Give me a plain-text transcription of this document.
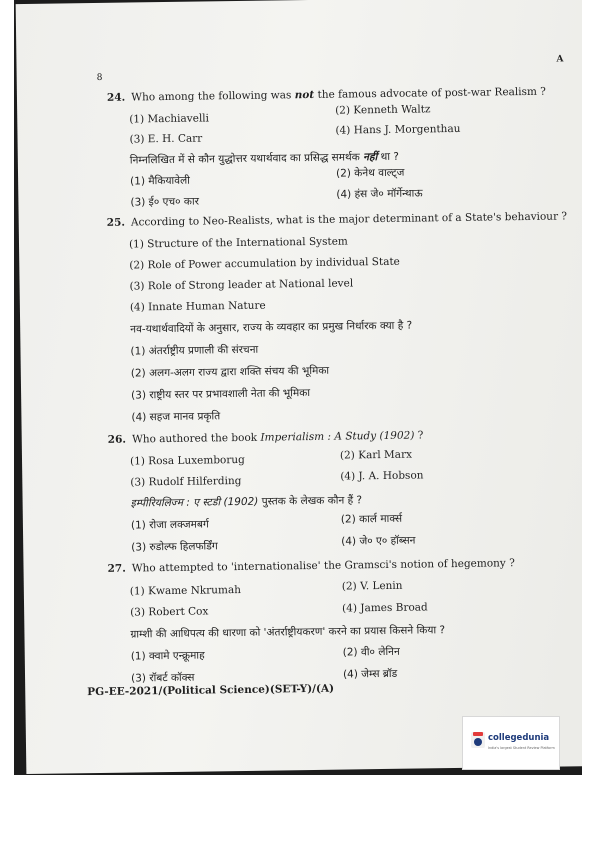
8
A
24. Who among the following was not the famous advocate of post-war Realism ?
(1) Machiavelli
(2) Kenneth Waltz
(3) E. H. Carr
(4) Hans J. Morgenthau
निम्नलिखित में से कौन युद्धोत्तर यथार्थवाद का प्रसिद्ध समर्थक नहीं था ?
(1) मैकियावेली
(2) केनेथ वाल्ट्ज
(3) ई० एच० कार
(4) हंस जे० मॉर्गेन्थाऊ
25. According to Neo-Realists, what is the major determinant of a State's behaviour ?
(1) Structure of the International System
(2) Role of Power accumulation by individual State
(3) Role of Strong leader at National level
(4) Innate Human Nature
नव-यथार्थवादियों के अनुसार, राज्य के व्यवहार का प्रमुख निर्धारक क्या है ?
(1) अंतर्राष्ट्रीय प्रणाली की संरचना
(2) अलग-अलग राज्य द्वारा शक्ति संचय की भूमिका
(3) राष्ट्रीय स्तर पर प्रभावशाली नेता की भूमिका
(4) सहज मानव प्रकृति
26. Who authored the book Imperialism : A Study (1902) ?
(1) Rosa Luxemborug	(2) Karl Marx
(3) Rudolf Hilferding	(4) J. A. Hobson
इम्पीरियलिज्म : ए स्टडी (1902) पुस्तक के लेखक कौन हैं ?
(1) रोजा लक्जमबर्ग	(2) कार्ल मार्क्स
(3) रुडोल्फ हिलफर्डिंग	(4) जे० ए० हॉब्सन
27. Who attempted to 'internationalise' the Gramsci's notion of hegemony ?
(1) Kwame Nkrumah	(2) V. Lenin
(3) Robert Cox	(4) James Broad
ग्राम्शी की आधिपत्य की धारणा को 'अंतर्राष्ट्रीयकरण' करने का प्रयास किसने किया ?
(1) क्वामे एन्क्रूमाह	(2) वी० लेनिन
(3) रॉबर्ट कॉक्स	(4) जेम्स ब्रॉड
PG-EE-2021/(Political Science)(SET-Y)/(A)
collegedunia
India's largest Student Review Platform
